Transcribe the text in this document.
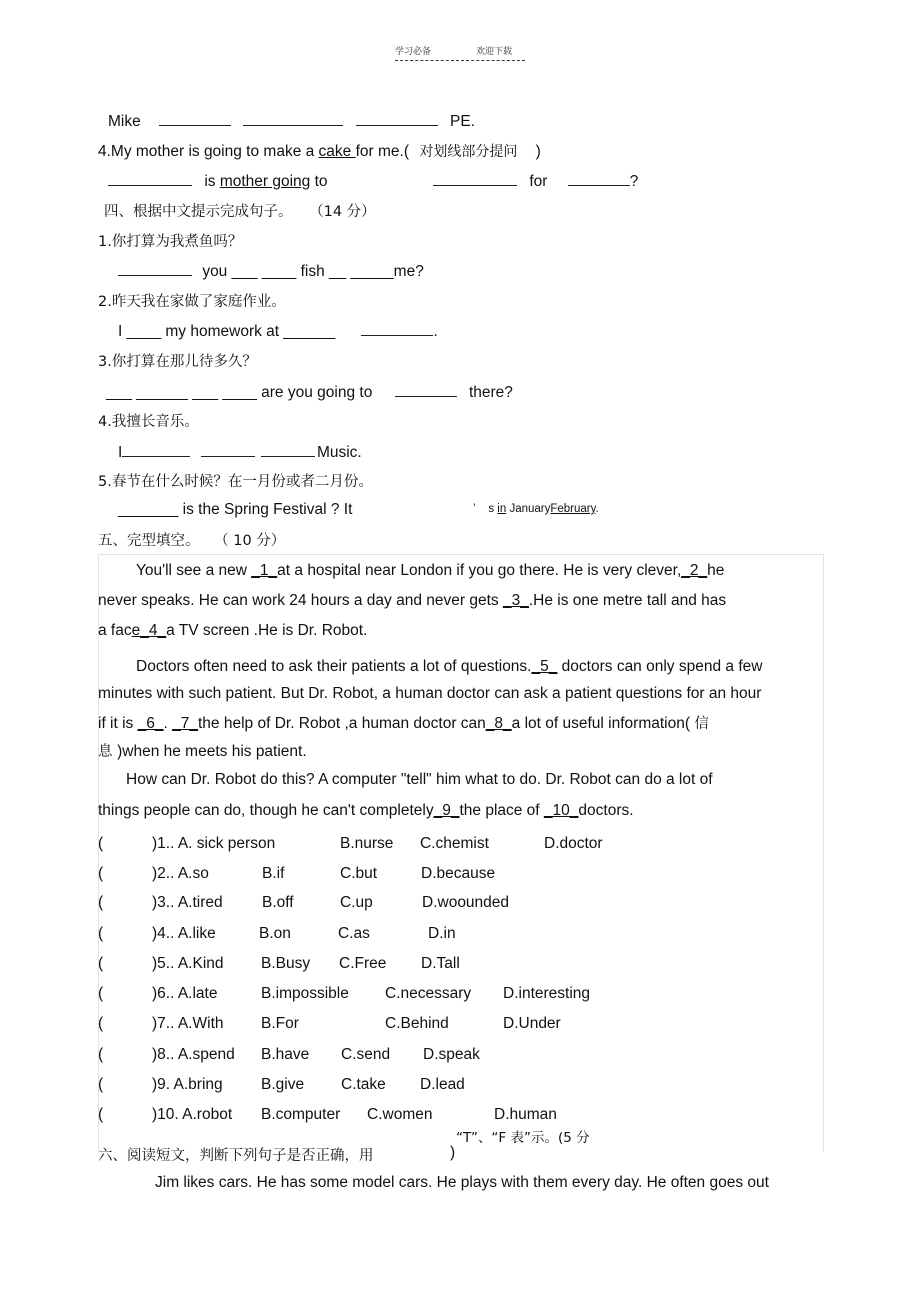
学习必备	欢迎下载
Mike	PE.
4.My mother is going to make a cake for me.( 对划线部分提问 )
is mother going to	for	?
四、根据中文提示完成句子。 （14 分）
1.你打算为我煮鱼吗？
you ___ ____ fish __ _____me?
2.昨天我在家做了家庭作业。
I ____ my homework at ______	.
3.你打算在那儿待多久？
___ ______ ___ ____ are you going to	there?
4.我擅长音乐。
I	Music.
5.春节在什么时候？在一月份或者二月份。
_______ is the Spring Festival ? It	’ s in JanuaryFebruary.
五、完型填空。 （ 10 分）
You'll see a new _1_at a hospital near London if you go there. He is very clever,_2_he
never speaks. He can work 24 hours a day and never gets _3_.He is one metre tall and has
a face_4_a TV screen .He is Dr. Robot.
Doctors often need to ask their patients a lot of questions._5_ doctors can only spend a few
minutes with such patient. But Dr. Robot, a human doctor can ask a patient questions for an hour
if it is _6_. _7_the help of Dr. Robot ,a human doctor can_8_a lot of useful information( 信
息 )when he meets his patient.
How can Dr. Robot do this? A computer "tell" him what to do. Dr. Robot can do a lot of
things people can do, though he can't completely_9_the place of _10_doctors.
(	)1.. A. sick person	B.nurse C.chemist	D.doctor
(	)2.. A.so	B.if	C.but	D.because
(	)3.. A.tired	B.off	C.up	D.woounded
(	)4.. A.like	B.on	C.as	D.in
(	)5.. A.Kind B.Busy C.Free D.Tall
(	)6.. A.late	B.impossible C.necessary D.interesting
(	)7.. A.With B.For	C.Behind	D.Under
(	)8.. A.spend B.have C.send D.speak
(	)9. A.bring B.give C.take D.lead
(	)10. A.robot B.computer C.women	D.human
“T”、“F 表”示。(5 分
六、阅读短文，判断下列句子是否正确，用	)
Jim likes cars. He has some model cars. He plays with them every day. He often goes out
